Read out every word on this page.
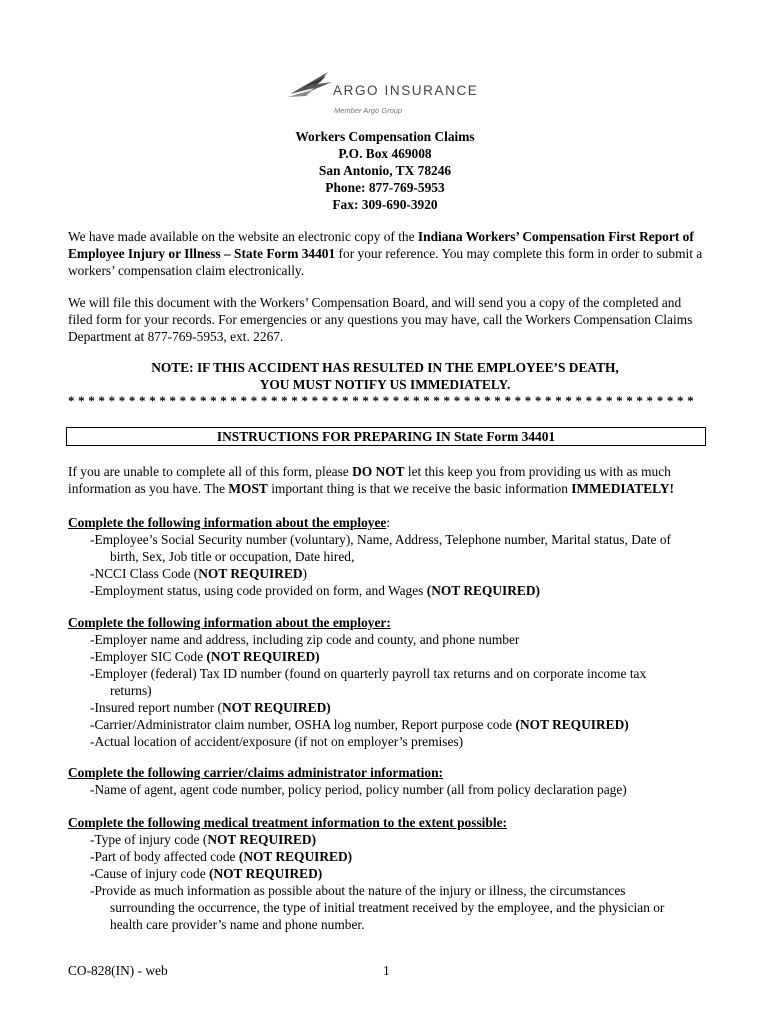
ARGO INSURANCE
Member Argo Group
Workers Compensation Claims
P.O. Box 469008
San Antonio, TX 78246
Phone: 877-769-5953
Fax: 309-690-3920
We have made available on the website an electronic copy of the Indiana Workers’ Compensation First Report of
Employee Injury or Illness – State Form 34401 for your reference. You may complete this form in order to submit a
workers’ compensation claim electronically.
We will file this document with the Workers’ Compensation Board, and will send you a copy of the completed and
filed form for your records. For emergencies or any questions you may have, call the Workers Compensation Claims
Department at 877-769-5953, ext. 2267.
NOTE: IF THIS ACCIDENT HAS RESULTED IN THE EMPLOYEE’S DEATH,
YOU MUST NOTIFY US IMMEDIATELY.
* * * * * * * * * * * * * * * * * * * * * * * * * * * * * * * * * * * * * * * * * * * * * * * * * * * * * * * * * * * * * *
INSTRUCTIONS FOR PREPARING IN State Form 34401
If you are unable to complete all of this form, please DO NOT let this keep you from providing us with as much
information as you have. The MOST important thing is that we receive the basic information IMMEDIATELY!
Complete the following information about the employee:
-Employee’s Social Security number (voluntary), Name, Address, Telephone number, Marital status, Date of
birth, Sex, Job title or occupation, Date hired,
-NCCI Class Code (NOT REQUIRED)
-Employment status, using code provided on form, and Wages (NOT REQUIRED)
Complete the following information about the employer:
-Employer name and address, including zip code and county, and phone number
-Employer SIC Code (NOT REQUIRED)
-Employer (federal) Tax ID number (found on quarterly payroll tax returns and on corporate income tax
returns)
-Insured report number (NOT REQUIRED)
-Carrier/Administrator claim number, OSHA log number, Report purpose code (NOT REQUIRED)
-Actual location of accident/exposure (if not on employer’s premises)
Complete the following carrier/claims administrator information:
-Name of agent, agent code number, policy period, policy number (all from policy declaration page)
Complete the following medical treatment information to the extent possible:
-Type of injury code (NOT REQUIRED)
-Part of body affected code (NOT REQUIRED)
-Cause of injury code (NOT REQUIRED)
-Provide as much information as possible about the nature of the injury or illness, the circumstances
surrounding the occurrence, the type of initial treatment received by the employee, and the physician or
health care provider’s name and phone number.
CO-828(IN) - web	1
